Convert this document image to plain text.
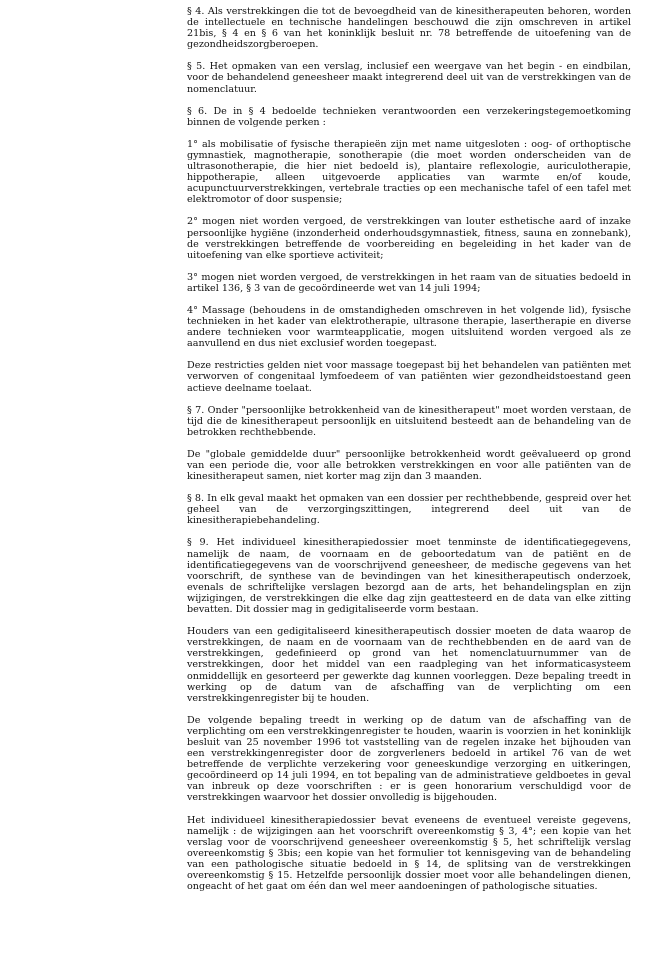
§ 4. Als verstrekkingen die tot de bevoegdheid van de kinesitherapeuten behoren, worden de intellectuele en technische handelingen beschouwd die zijn omschreven in artikel 21bis, § 4 en § 6 van het koninklijk besluit nr. 78 betreffende de uitoefening van de gezondheidszorgberoepen.

§ 5. Het opmaken van een verslag, inclusief een weergave van het begin - en eindbilan, voor de behandelend geneesheer maakt integrerend deel uit van de verstrekkingen van de nomenclatuur.

§ 6. De in § 4 bedoelde technieken verantwoorden een verzekeringstegemoetkoming binnen de volgende perken :

1° als mobilisatie of fysische therapieën zijn met name uitgesloten : oog- of orthoptische gymnastiek, magnotherapie, sonotherapie (die moet worden onderscheiden van de ultrasonotherapie, die hier niet bedoeld is), plantaire reflexologie, auriculotherapie, hippotherapie, alleen uitgevoerde applicaties van warmte en/of koude, acupunctuurverstrekkingen, vertebrale tracties op een mechanische tafel of een tafel met elektromotor of door suspensie;

2° mogen niet worden vergoed, de verstrekkingen van louter esthetische aard of inzake persoonlijke hygiëne (inzonderheid onderhoudsgymnastiek, fitness, sauna en zonnebank), de verstrekkingen betreffende de voorbereiding en begeleiding in het kader van de uitoefening van elke sportieve activiteit;

3° mogen niet worden vergoed, de verstrekkingen in het raam van de situaties bedoeld in artikel 136, § 3 van de gecoördineerde wet van 14 juli 1994;

4° Massage (behoudens in de omstandigheden omschreven in het volgende lid), fysische technieken in het kader van elektrotherapie, ultrasone therapie, lasertherapie en diverse andere technieken voor warmteapplicatie, mogen uitsluitend worden vergoed als ze aanvullend en dus niet exclusief worden toegepast.

Deze restricties gelden niet voor massage toegepast bij het behandelen van patiënten met verworven of congenitaal lymfoedeem of van patiënten wier gezondheidstoestand geen actieve deelname toelaat.

§ 7. Onder "persoonlijke betrokkenheid van de kinesitherapeut" moet worden verstaan, de tijd die de kinesitherapeut persoonlijk en uitsluitend besteedt aan de behandeling van de betrokken rechthebbende.

De "globale gemiddelde duur" persoonlijke betrokkenheid wordt geëvalueerd op grond van een periode die, voor alle betrokken verstrekkingen en voor alle patiënten van de kinesitherapeut samen, niet korter mag zijn dan 3 maanden.

§ 8. In elk geval maakt het opmaken van een dossier per rechthebbende, gespreid over het geheel van de verzorgingszittingen, integrerend deel uit van de kinesitherapiebehandeling.

§ 9. Het individueel kinesitherapiedossier moet tenminste de identificatiegegevens, namelijk de naam, de voornaam en de geboortedatum van de patiënt en de identificatiegegevens van de voorschrijvend geneesheer, de medische gegevens van het voorschrift, de synthese van de bevindingen van het kinesitherapeutisch onderzoek, evenals de schriftelijke verslagen bezorgd aan de arts, het behandelingsplan en zijn wijzigingen, de verstrekkingen die elke dag zijn geattesteerd en de data van elke zitting bevatten. Dit dossier mag in gedigitaliseerde vorm bestaan.

Houders van een gedigitaliseerd kinesitherapeutisch dossier moeten de data waarop de verstrekkingen, de naam en de voornaam van de rechthebbenden en de aard van de verstrekkingen, gedefinieerd op grond van het nomenclatuurnummer van de verstrekkingen, door het middel van een raadpleging van het informaticasysteem onmiddellijk en gesorteerd per gewerkte dag kunnen voorleggen. Deze bepaling treedt in werking op de datum van de afschaffing van de verplichting om een verstrekkingenregister bij te houden.

De volgende bepaling treedt in werking op de datum van de afschaffing van de verplichting om een verstrekkingenregister te houden, waarin is voorzien in het koninklijk besluit van 25 november 1996 tot vaststelling van de regelen inzake het bijhouden van een verstrekkingenregister door de zorgverleners bedoeld in artikel 76 van de wet betreffende de verplichte verzekering voor geneeskundige verzorging en uitkeringen, gecoördineerd op 14 juli 1994, en tot bepaling van de administratieve geldboetes in geval van inbreuk op deze voorschriften : er is geen honorarium verschuldigd voor de verstrekkingen waarvoor het dossier onvolledig is bijgehouden.

Het individueel kinesitherapiedossier bevat eveneens de eventueel vereiste gegevens, namelijk : de wijzigingen aan het voorschrift overeenkomstig § 3, 4°; een kopie van het verslag voor de voorschrijvend geneesheer overeenkomstig § 5, het schriftelijk verslag overeenkomstig § 3bis; een kopie van het formulier tot kennisgeving van de behandeling van een pathologische situatie bedoeld in § 14, de splitsing van de verstrekkingen overeenkomstig § 15. Hetzelfde persoonlijk dossier moet voor alle behandelingen dienen, ongeacht of het gaat om één dan wel meer aandoeningen of pathologische situaties.
